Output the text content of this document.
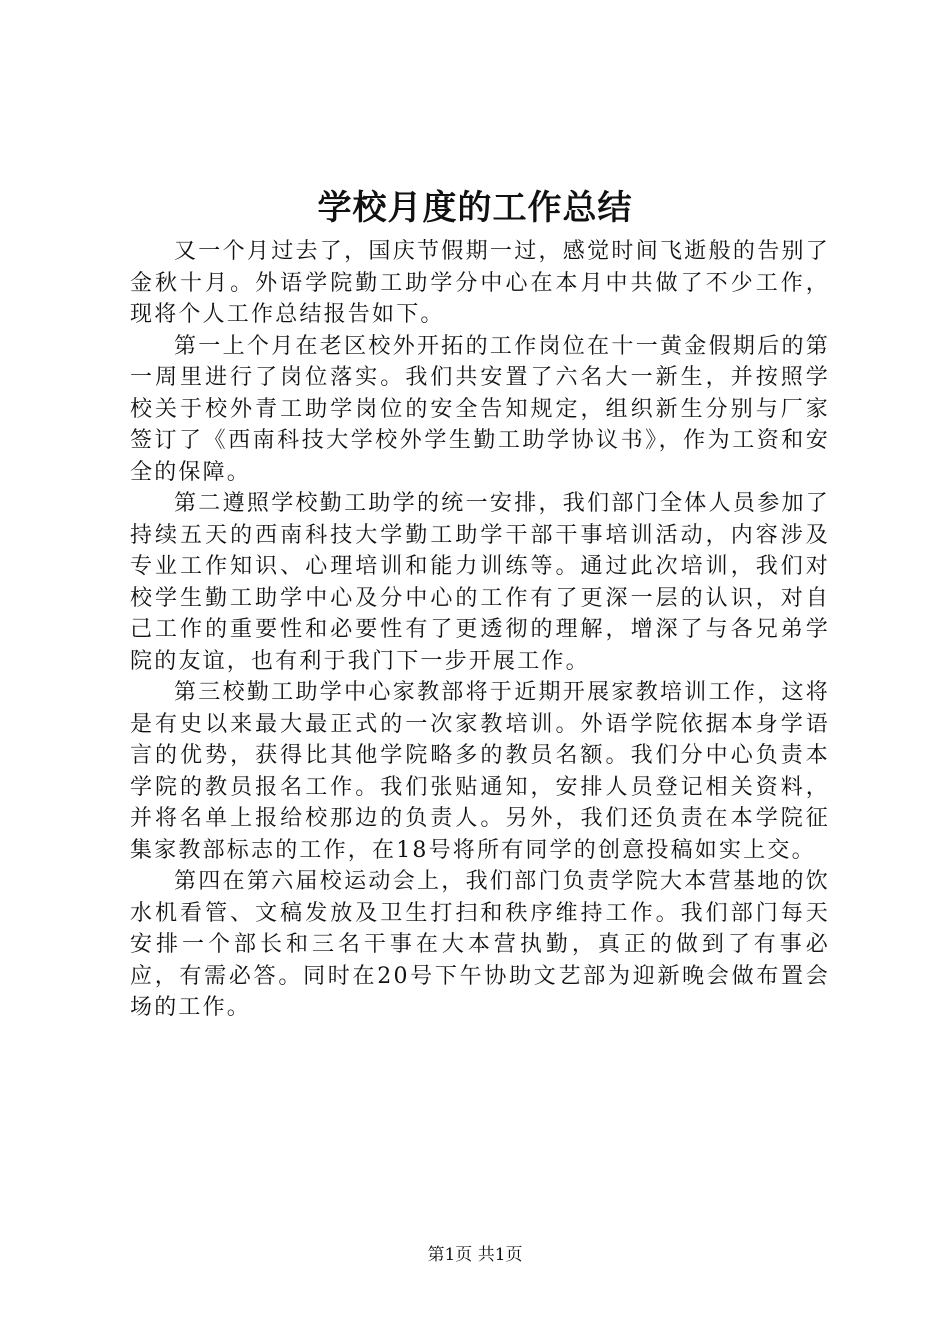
学校月度的工作总结

又一个月过去了，国庆节假期一过，感觉时间飞逝般的告别了金秋十月。外语学院勤工助学分中心在本月中共做了不少工作，现将个人工作总结报告如下。

第一上个月在老区校外开拓的工作岗位在十一黄金假期后的第一周里进行了岗位落实。我们共安置了六名大一新生，并按照学校关于校外青工助学岗位的安全告知规定，组织新生分别与厂家签订了《西南科技大学校外学生勤工助学协议书》，作为工资和安全的保障。

第二遵照学校勤工助学的统一安排，我们部门全体人员参加了持续五天的西南科技大学勤工助学干部干事培训活动，内容涉及专业工作知识、心理培训和能力训练等。通过此次培训，我们对校学生勤工助学中心及分中心的工作有了更深一层的认识，对自己工作的重要性和必要性有了更透彻的理解，增深了与各兄弟学院的友谊，也有利于我门下一步开展工作。

第三校勤工助学中心家教部将于近期开展家教培训工作，这将是有史以来最大最正式的一次家教培训。外语学院依据本身学语言的优势，获得比其他学院略多的教员名额。我们分中心负责本学院的教员报名工作。我们张贴通知，安排人员登记相关资料，并将名单上报给校那边的负责人。另外，我们还负责在本学院征集家教部标志的工作，在18号将所有同学的创意投稿如实上交。

第四在第六届校运动会上，我们部门负责学院大本营基地的饮水机看管、文稿发放及卫生打扫和秩序维持工作。我们部门每天安排一个部长和三名干事在大本营执勤，真正的做到了有事必应，有需必答。同时在20号下午协助文艺部为迎新晚会做布置会场的工作。

第1页 共1页
